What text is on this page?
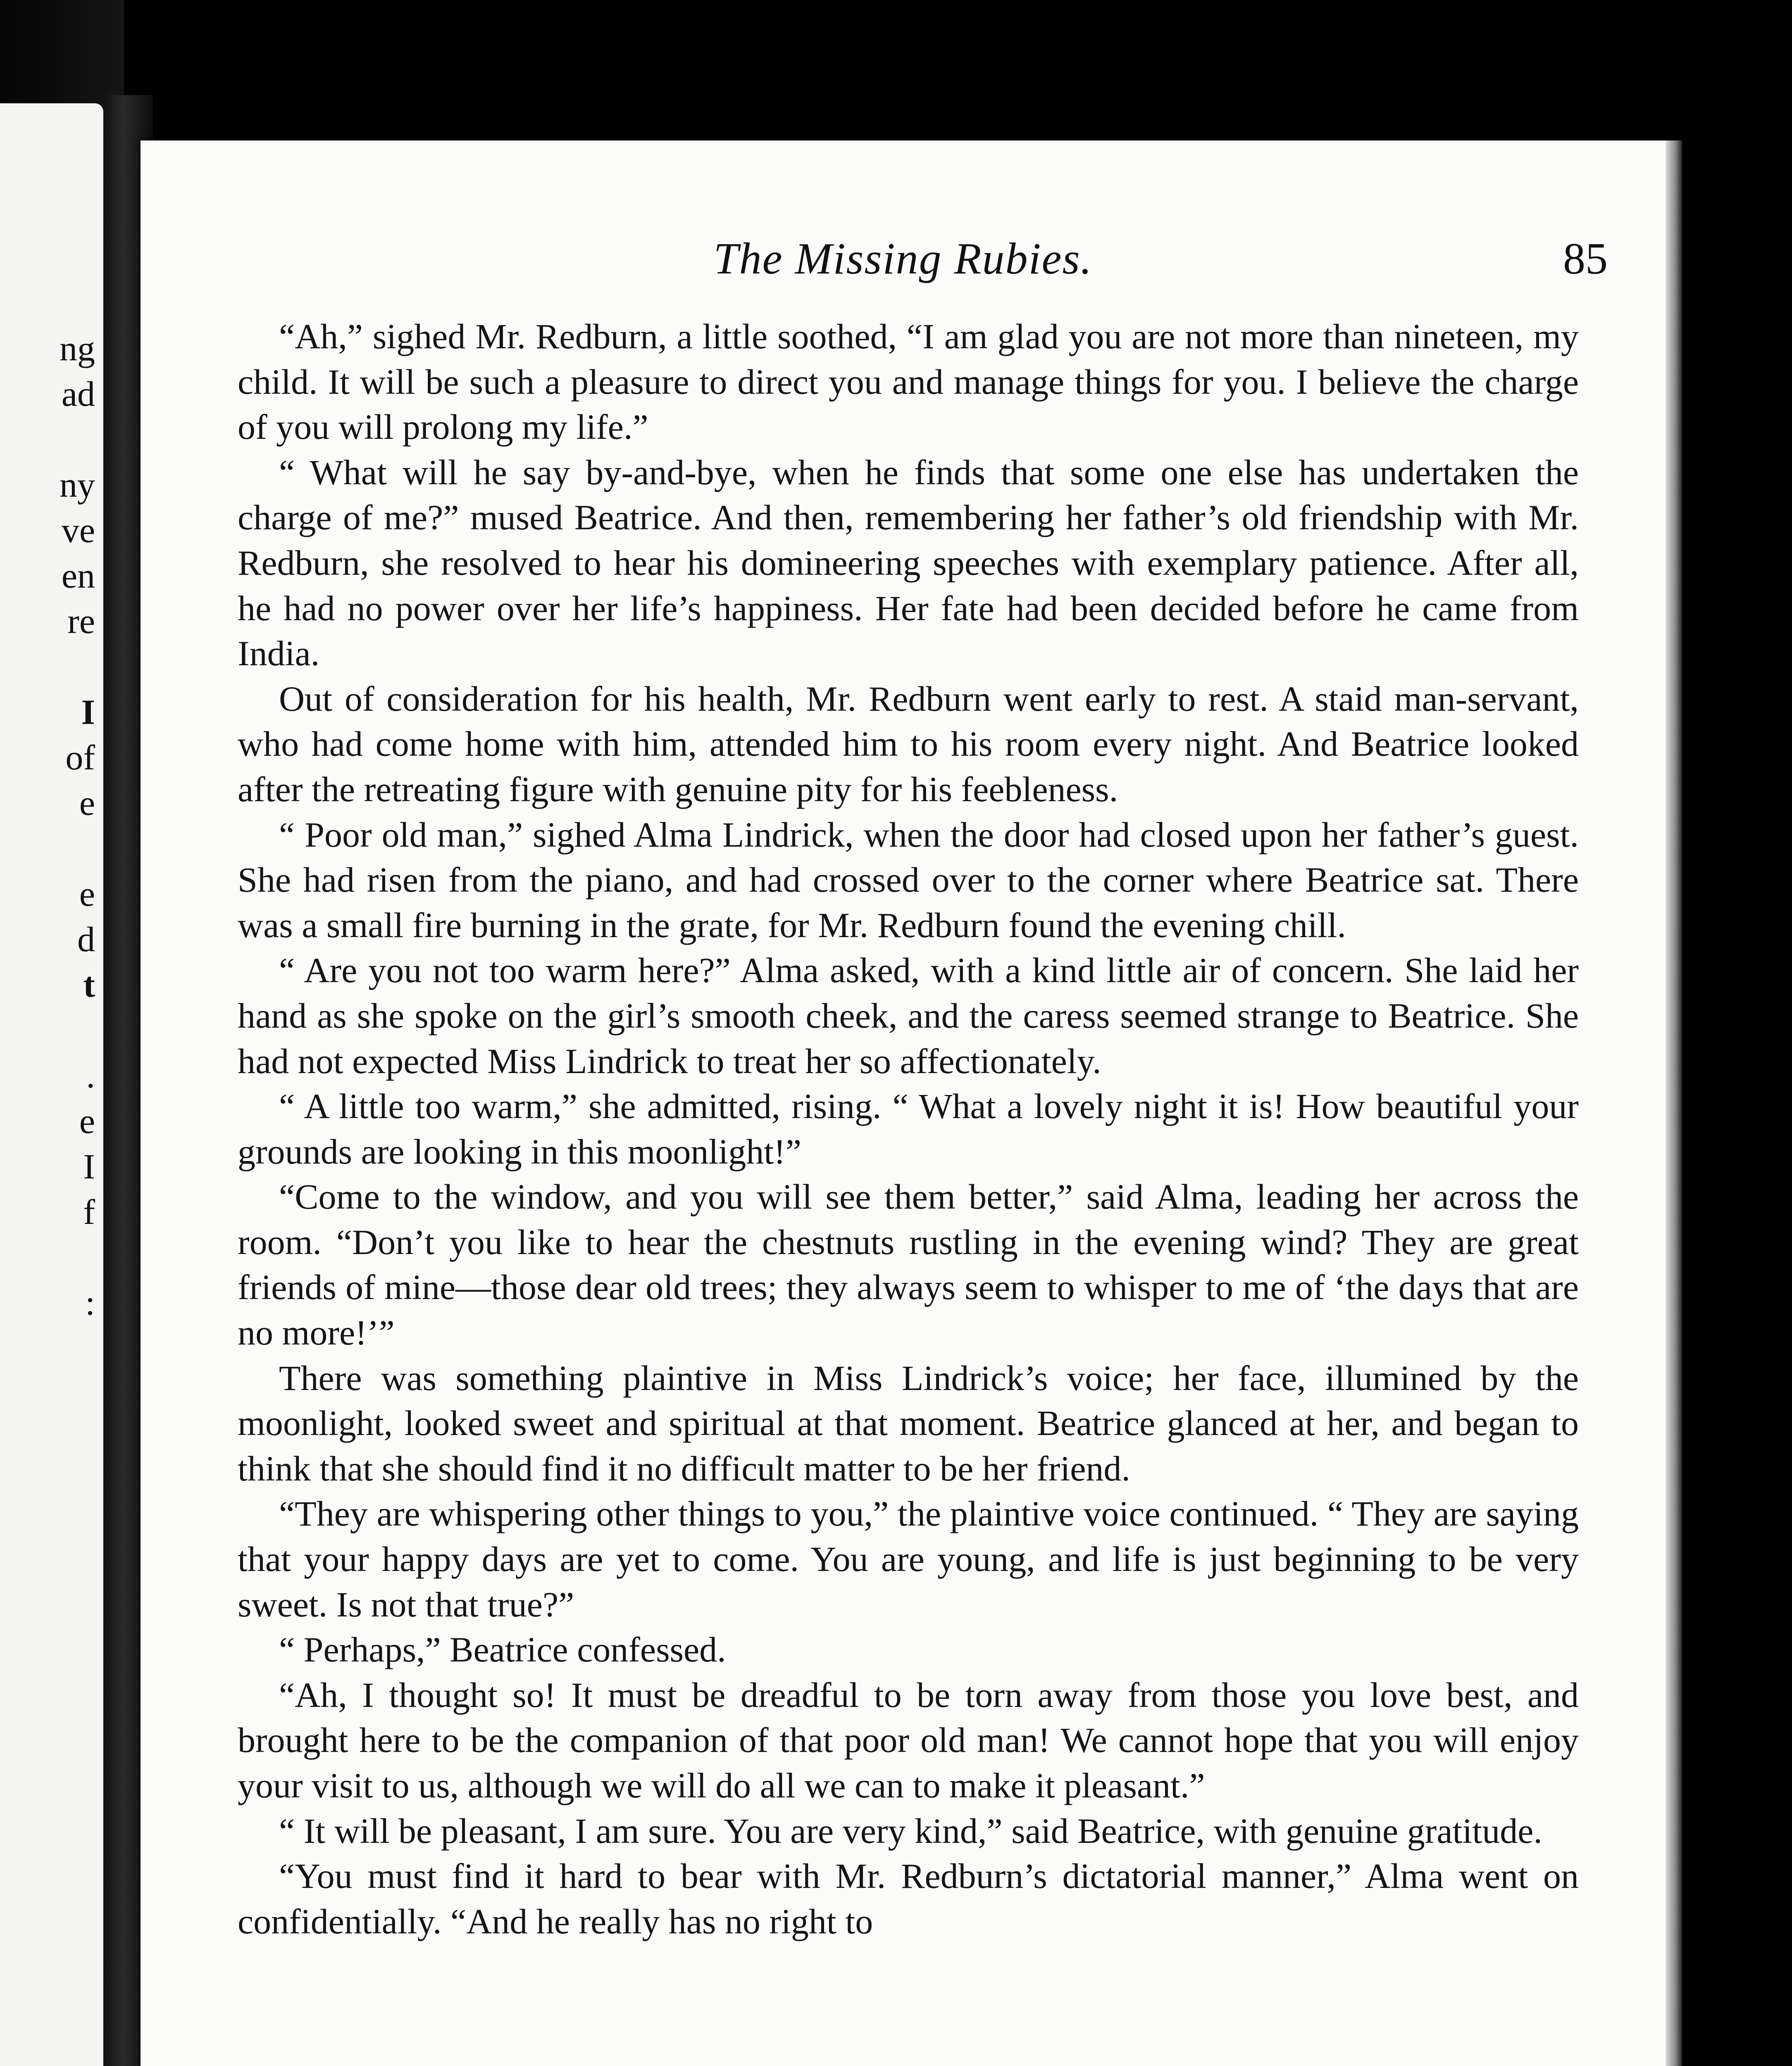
ng
ad
ny
ve
en
re
I
of
e
e
d
t
.
e
I
f
:
The Missing Rubies.	85

“Ah,” sighed Mr. Redburn, a little soothed, “I am glad you are not more than nineteen, my child. It will be such a pleasure to direct you and manage things for you. I believe the charge of you will prolong my life.”

“ What will he say by-and-bye, when he finds that some one else has undertaken the charge of me?” mused Beatrice. And then, remembering her father’s old friendship with Mr. Redburn, she resolved to hear his domineering speeches with exemplary patience. After all, he had no power over her life’s happiness. Her fate had been decided before he came from India.

Out of consideration for his health, Mr. Redburn went early to rest. A staid man-servant, who had come home with him, attended him to his room every night. And Beatrice looked after the retreating figure with genuine pity for his feebleness.

“ Poor old man,” sighed Alma Lindrick, when the door had closed upon her father’s guest. She had risen from the piano, and had crossed over to the corner where Beatrice sat. There was a small fire burning in the grate, for Mr. Redburn found the evening chill.

“ Are you not too warm here?” Alma asked, with a kind little air of concern. She laid her hand as she spoke on the girl’s smooth cheek, and the caress seemed strange to Beatrice. She had not expected Miss Lindrick to treat her so affectionately.

“ A little too warm,” she admitted, rising. “ What a lovely night it is! How beautiful your grounds are looking in this moonlight!”

“Come to the window, and you will see them better,” said Alma, leading her across the room. “Don’t you like to hear the chestnuts rustling in the evening wind? They are great friends of mine—those dear old trees; they always seem to whisper to me of ‘the days that are no more!’”

There was something plaintive in Miss Lindrick’s voice; her face, illumined by the moonlight, looked sweet and spiritual at that moment. Beatrice glanced at her, and began to think that she should find it no difficult matter to be her friend.

“They are whispering other things to you,” the plaintive voice continued. “ They are saying that your happy days are yet to come. You are young, and life is just beginning to be very sweet. Is not that true?”

“ Perhaps,” Beatrice confessed.

“Ah, I thought so! It must be dreadful to be torn away from those you love best, and brought here to be the companion of that poor old man! We cannot hope that you will enjoy your visit to us, although we will do all we can to make it pleasant.”

“ It will be pleasant, I am sure. You are very kind,” said Beatrice, with genuine gratitude.

“You must find it hard to bear with Mr. Redburn’s dictatorial manner,” Alma went on confidentially. “And he really has no right to
